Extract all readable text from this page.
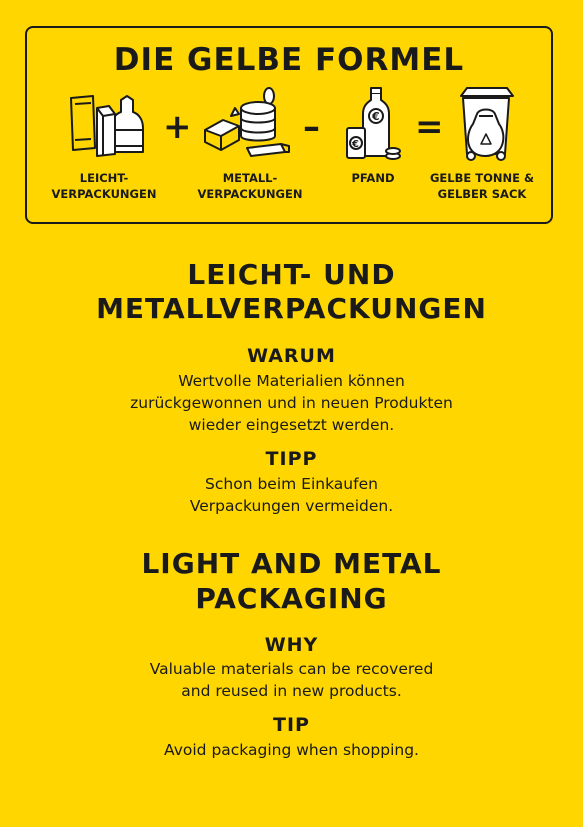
DIE GELBE FORMEL
+	–	€
€ =
LEICHT-
VERPACKUNGEN
METALL-
VERPACKUNGEN
PFAND	GELBE TONNE &
GELBER SACK
LEICHT- UND
METALLVERPACKUNGEN
WARUM
Wertvolle Materialien können
zurückgewonnen und in neuen Produkten
wieder eingesetzt werden.
TIPP
Schon beim Einkaufen
Verpackungen vermeiden.
LIGHT AND METAL
PACKAGING
WHY
Valuable materials can be recovered
and reused in new products.
TIP
Avoid packaging when shopping.
